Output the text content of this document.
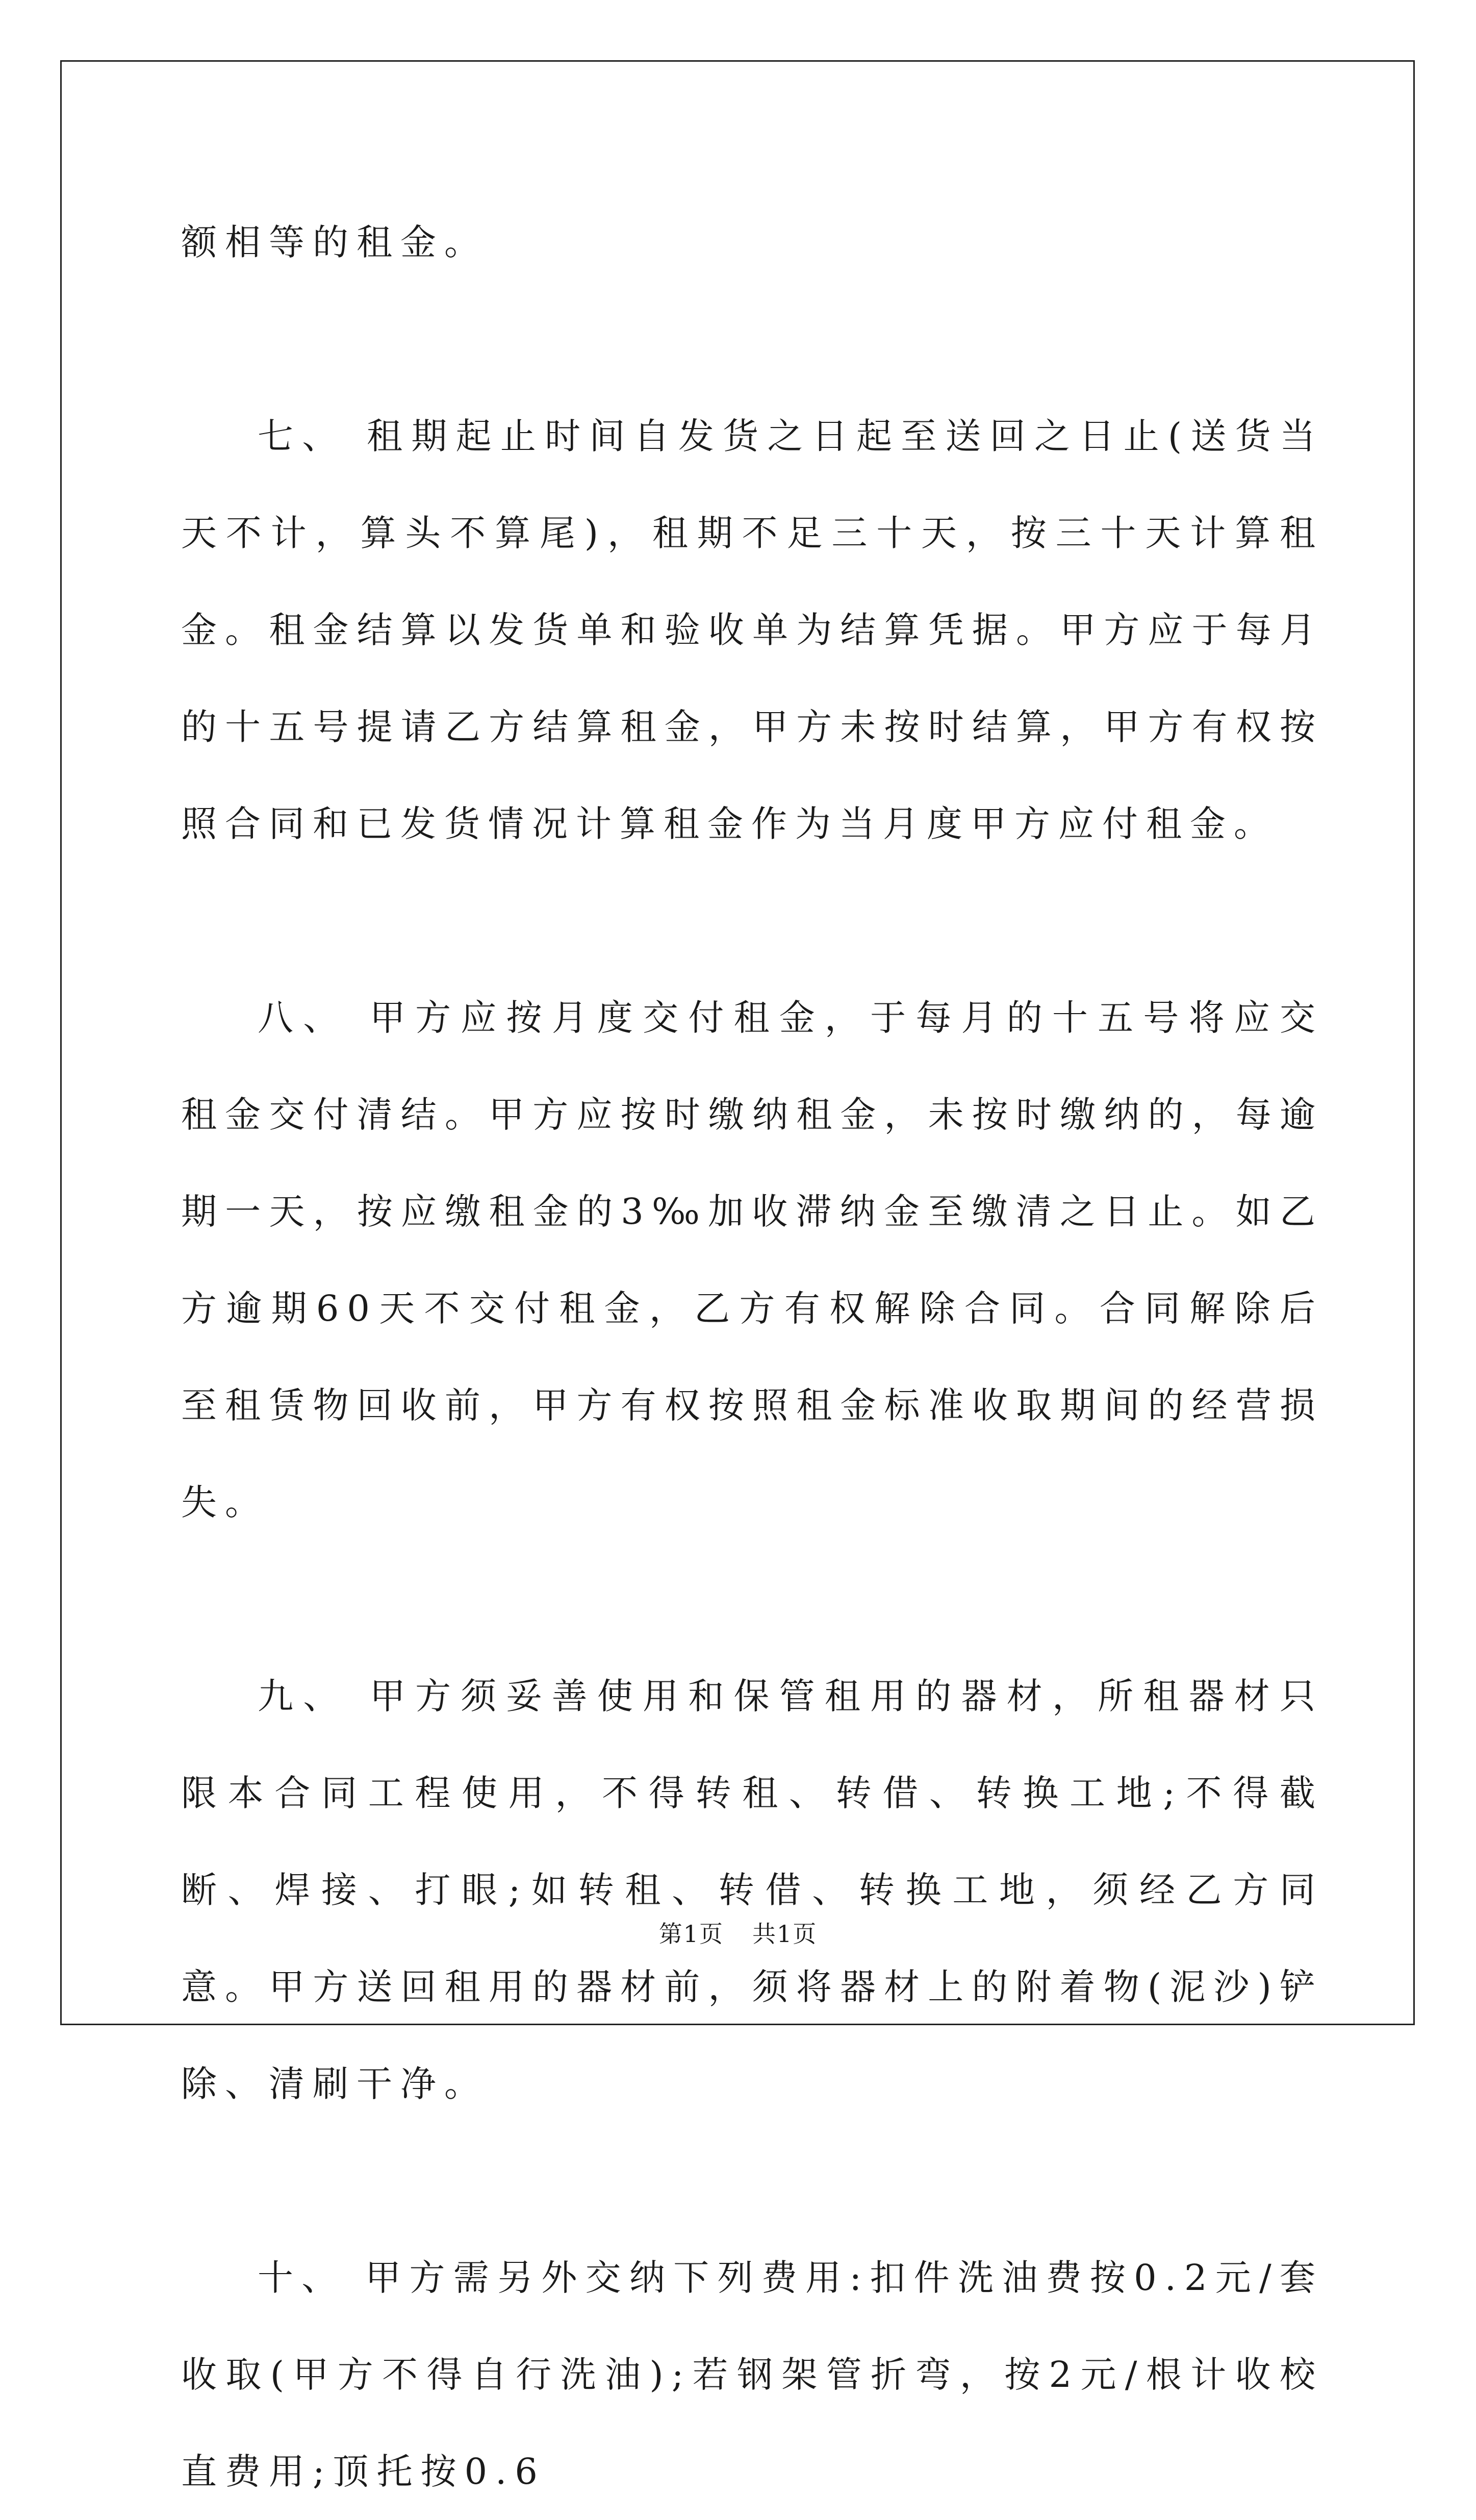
额相等的租金。

七、 租期起止时间自发货之日起至送回之日止(送货当天不计，算头不算尾)，租期不足三十天，按三十天计算租金。租金结算以发货单和验收单为结算凭据。甲方应于每月的十五号提请乙方结算租金，甲方未按时结算，甲方有权按照合同和已发货情况计算租金作为当月度甲方应付租金。

八、 甲方应按月度交付租金，于每月的十五号将应交租金交付清结。甲方应按时缴纳租金，未按时缴纳的，每逾期一天，按应缴租金的3‰加收滞纳金至缴清之日止。如乙方逾期60天不交付租金，乙方有权解除合同。合同解除后至租赁物回收前，甲方有权按照租金标准收取期间的经营损失。

九、 甲方须妥善使用和保管租用的器材，所租器材只限本合同工程使用，不得转租、转借、转换工地;不得截断、焊接、打眼;如转租、转借、转换工地，须经乙方同意。甲方送回租用的器材前，须将器材上的附着物(泥沙)铲除、清刷干净。

十、 甲方需另外交纳下列费用:扣件洗油费按0.2元/套收取(甲方不得自行洗油);若钢架管折弯，按2元/根计收校直费用;顶托按0.6

第1页 共1页
